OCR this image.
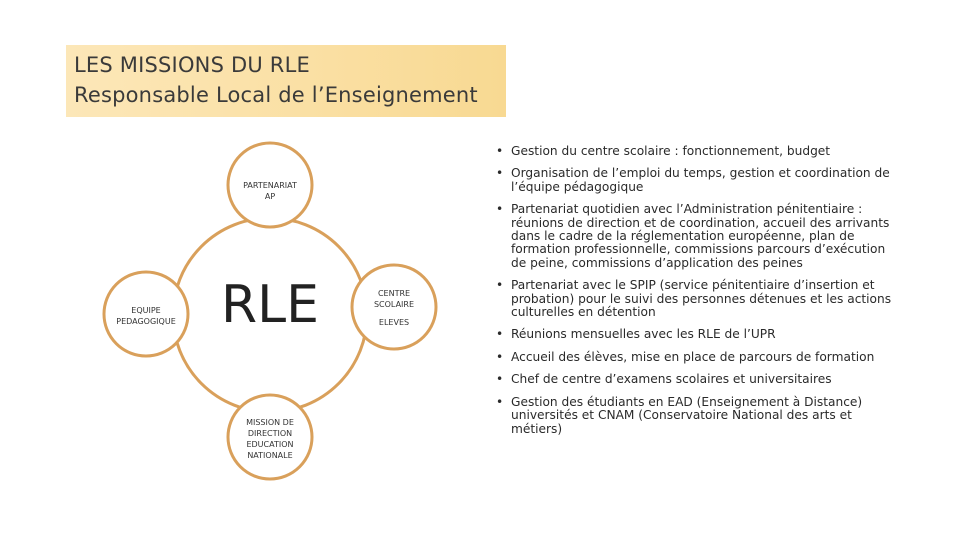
LES MISSIONS DU RLE
Responsable Local de l’Enseignement
RLE
PARTENARIAT
AP
EQUIPE
PEDAGOGIQUE
CENTRE
SCOLAIRE
ELEVES
MISSION DE
DIRECTION
EDUCATION
NATIONALE
• Gestion du centre scolaire : fonctionnement, budget
• Organisation de l’emploi du temps, gestion et coordination de l’équipe pédagogique
• Partenariat quotidien avec l’Administration pénitentiaire : réunions de direction et de coordination, accueil des arrivants dans le cadre de la réglementation européenne, plan de formation professionnelle, commissions parcours d’exécution de peine, commissions d’application des peines
• Partenariat avec le SPIP (service pénitentiaire d’insertion et probation) pour le suivi des personnes détenues et les actions culturelles en détention
• Réunions mensuelles avec les RLE de l’UPR
• Accueil des élèves, mise en place de parcours de formation
• Chef de centre d’examens scolaires et universitaires
• Gestion des étudiants en EAD (Enseignement à Distance) universités et CNAM (Conservatoire National des arts et métiers)
